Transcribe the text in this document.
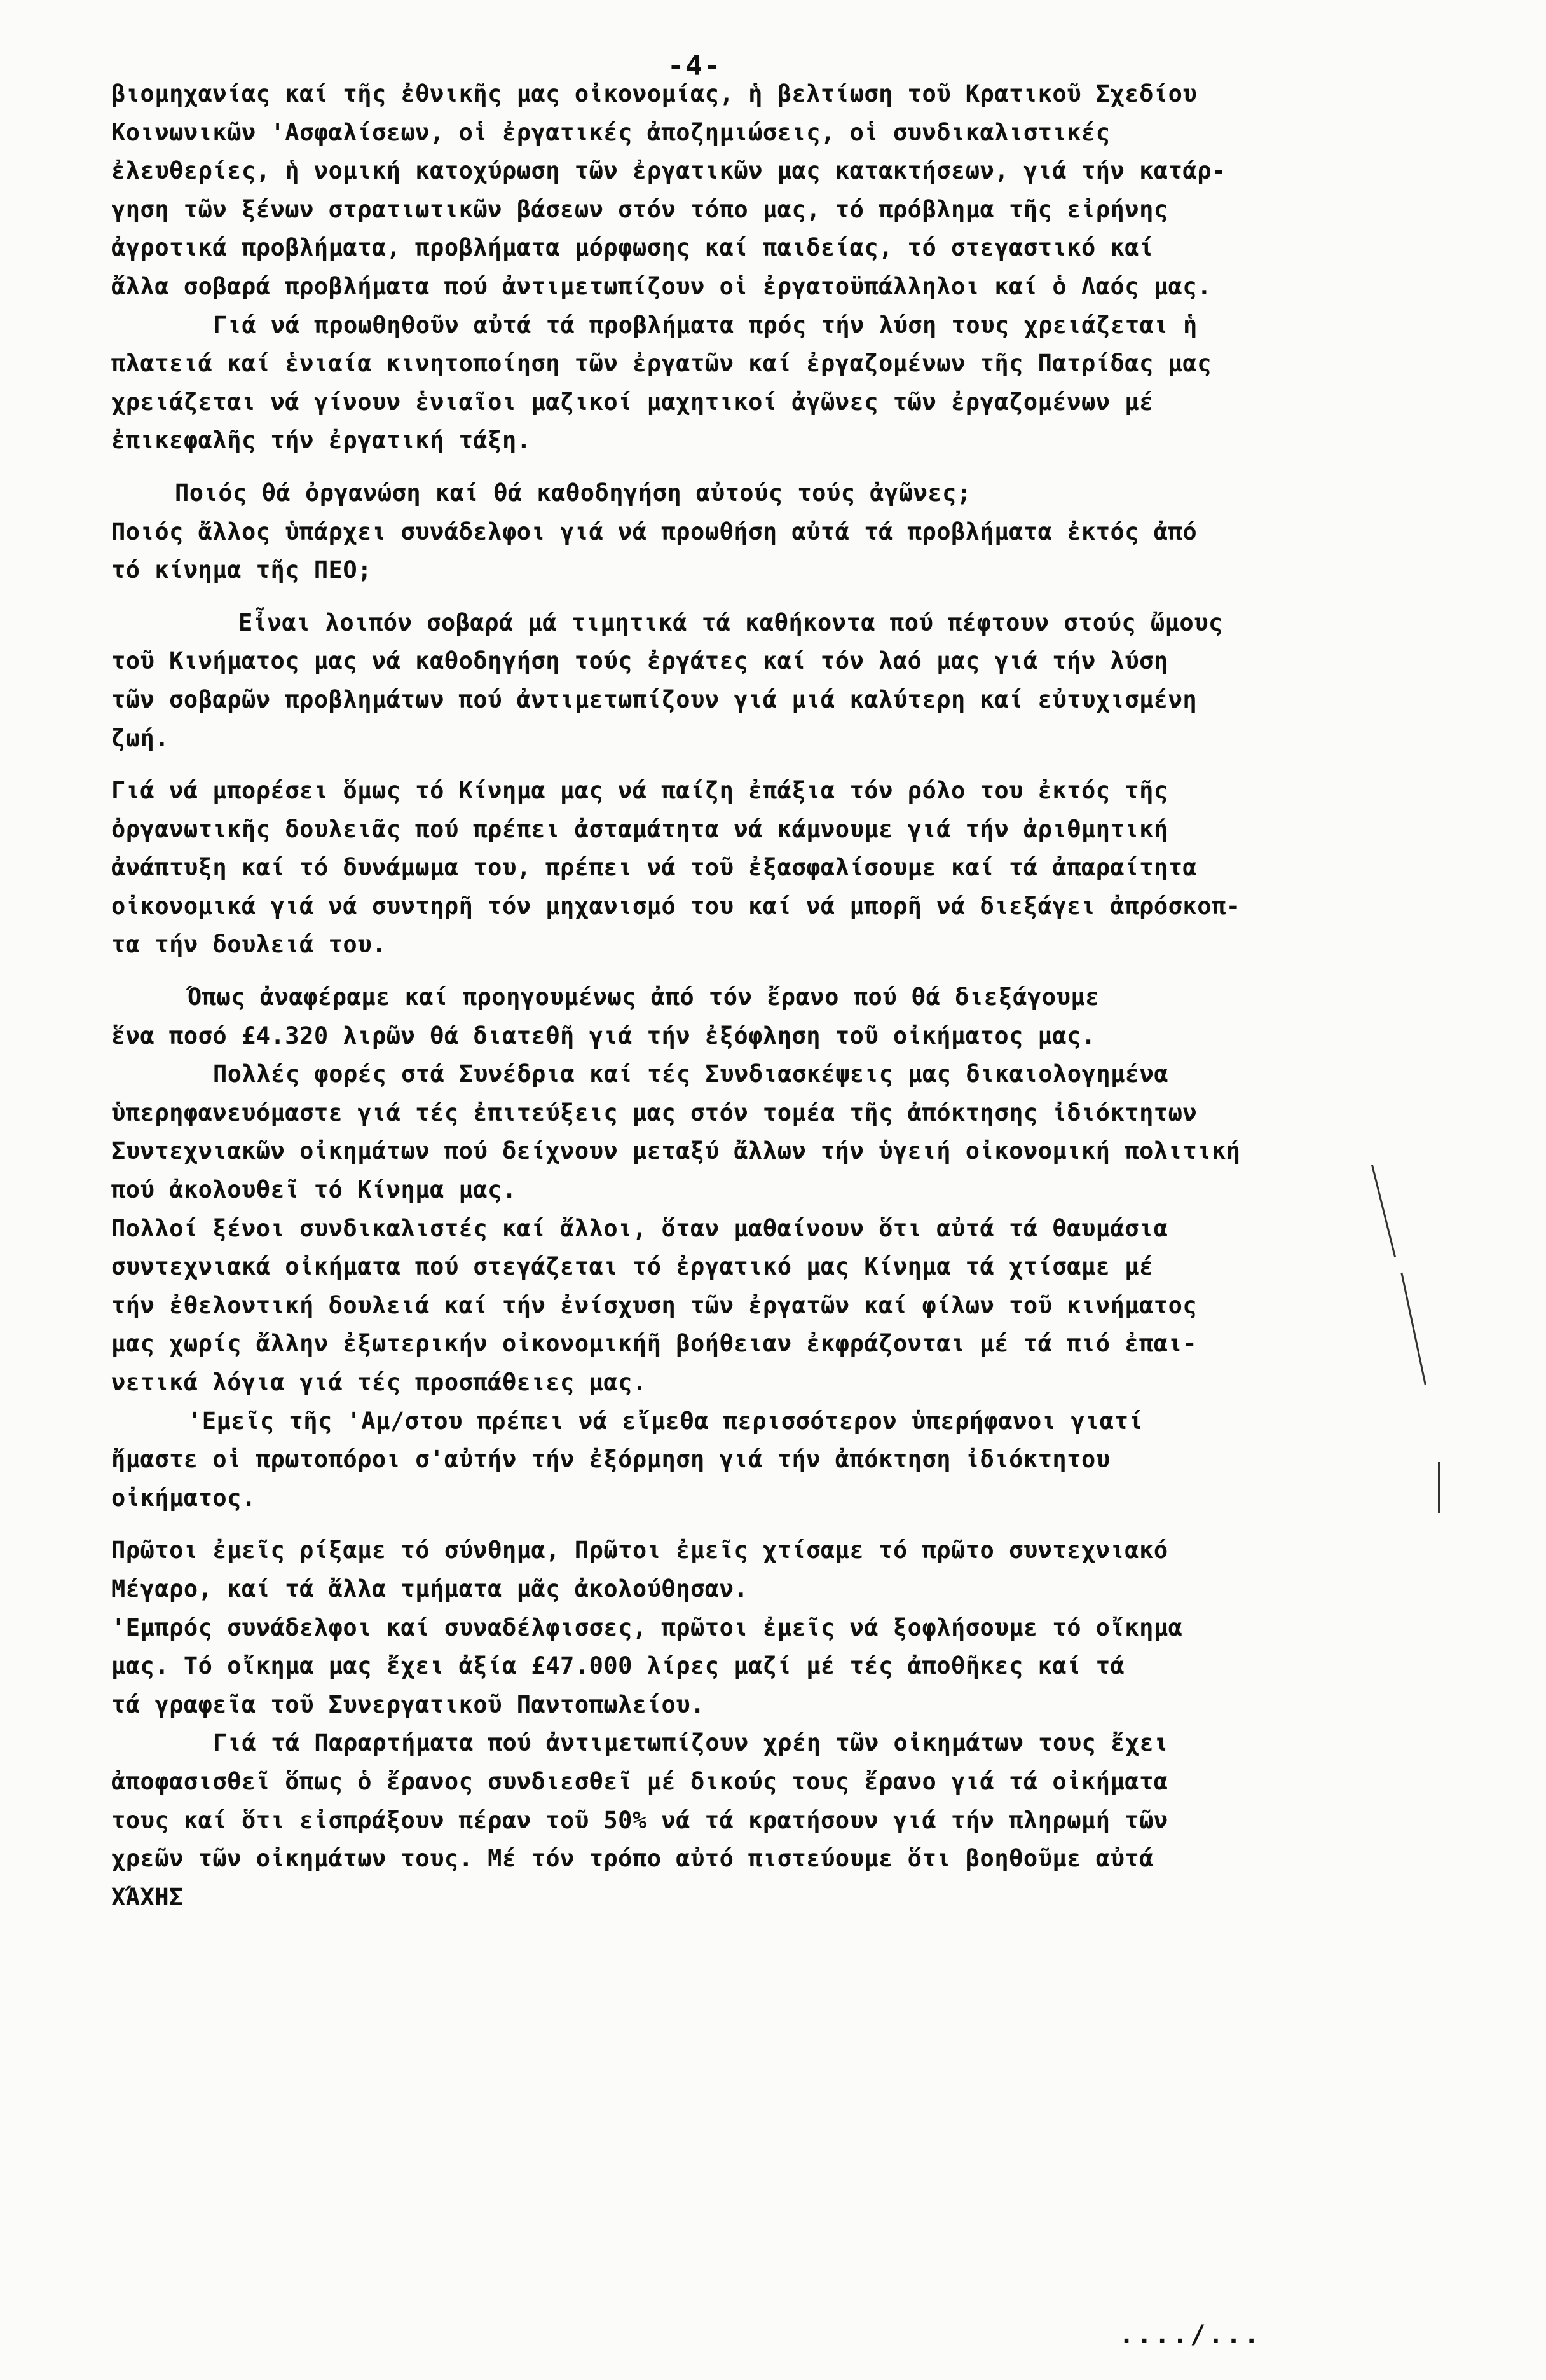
-4-
βιομηχανίας καί τῆς ἐθνικῆς μας οἰκονομίας, ἡ βελτίωση τοῦ Κρατικοῦ Σχεδίου
Κοινωνικῶν 'Ασφαλίσεων, οἱ ἐργατικές ἀποζημιώσεις, οἱ συνδικαλιστικές
ἐλευθερίες, ἡ νομική κατοχύρωση τῶν ἐργατικῶν μας κατακτήσεων, γιά τήν κατάρ-
γηση τῶν ξένων στρατιωτικῶν βάσεων στόν τόπο μας, τό πρόβλημα τῆς εἰρήνης
ἀγροτικά προβλήματα, προβλήματα μόρφωσης καί παιδείας, τό στεγαστικό καί
ἄλλα σοβαρά προβλήματα πού ἀντιμετωπίζουν οἱ ἐργατοϋπάλληλοι καί ὁ Λαός μας.
Γιά νά προωθηθοῦν αὐτά τά προβλήματα πρός τήν λύση τους χρειάζεται ἡ
πλατειά καί ἑνιαία κινητοποίηση τῶν ἐργατῶν καί ἐργαζομένων τῆς Πατρίδας μας
χρειάζεται νά γίνουν ἑνιαῖοι μαζικοί μαχητικοί ἀγῶνες τῶν ἐργαζομένων μέ
ἐπικεφαλῆς τήν ἐργατική τάξη.
Ποιός θά ὀργανώση καί θά καθοδηγήση αὐτούς τούς ἀγῶνες;
Ποιός ἄλλος ὑπάρχει συνάδελφοι γιά νά προωθήση αὐτά τά προβλήματα ἐκτός ἀπό
τό κίνημα τῆς ΠΕΟ;
Εἶναι λοιπόν σοβαρά μά τιμητικά τά καθήκοντα πού πέφτουν στούς ὤμους
τοῦ Κινήματος μας νά καθοδηγήση τούς ἐργάτες καί τόν λαό μας γιά τήν λύση
τῶν σοβαρῶν προβλημάτων πού ἀντιμετωπίζουν γιά μιά καλύτερη καί εὐτυχισμένη
ζωή.
Γιά νά μπορέσει ὅμως τό Κίνημα μας νά παίζη ἐπάξια τόν ρόλο του ἐκτός τῆς
ὀργανωτικῆς δουλειᾶς πού πρέπει ἀσταμάτητα νά κάμνουμε γιά τήν ἀριθμητική
ἀνάπτυξη καί τό δυνάμωμα του, πρέπει νά τοῦ ἐξασφαλίσουμε καί τά ἀπαραίτητα
οἰκονομικά γιά νά συντηρῆ τόν μηχανισμό του καί νά μπορῆ νά διεξάγει ἀπρόσκοπ-
τα τήν δουλειά του.
Όπως ἀναφέραμε καί προηγουμένως ἀπό τόν ἔρανο πού θά διεξάγουμε
ἕνα ποσό £4.320 λιρῶν θά διατεθῆ γιά τήν ἐξόφληση τοῦ οἰκήματος μας.
Πολλές φορές στά Συνέδρια καί τές Συνδιασκέψεις μας δικαιολογημένα
ὑπερηφανευόμαστε γιά τές ἐπιτεύξεις μας στόν τομέα τῆς ἀπόκτησης ἰδιόκτητων
Συντεχνιακῶν οἰκημάτων πού δείχνουν μεταξύ ἄλλων τήν ὑγειή οἰκονομική πολιτική
πού ἀκολουθεῖ τό Κίνημα μας.
Πολλοί ξένοι συνδικαλιστές καί ἄλλοι, ὅταν μαθαίνουν ὅτι αὐτά τά θαυμάσια
συντεχνιακά οἰκήματα πού στεγάζεται τό ἐργατικό μας Κίνημα τά χτίσαμε μέ
τήν ἐθελοντική δουλειά καί τήν ἐνίσχυση τῶν ἐργατῶν καί φίλων τοῦ κινήματος
μας χωρίς ἄλλην ἐξωτερικήν οἰκονομικήῆ βοήθειαν ἐκφράζονται μέ τά πιό ἐπαι-
νετικά λόγια γιά τές προσπάθειες μας.
'Εμεῖς τῆς 'Αμ/στου πρέπει νά εἴμεθα περισσότερον ὑπερήφανοι γιατί
ἤμαστε οἱ πρωτοπόροι σ'αὐτήν τήν ἐξόρμηση γιά τήν ἀπόκτηση ἰδιόκτητου
οἰκήματος.
Πρῶτοι ἐμεῖς ρίξαμε τό σύνθημα, Πρῶτοι ἐμεῖς χτίσαμε τό πρῶτο συντεχνιακό
Μέγαρο, καί τά ἄλλα τμήματα μᾶς ἀκολούθησαν.
'Εμπρός συνάδελφοι καί συναδέλφισσες, πρῶτοι ἐμεῖς νά ξοφλήσουμε τό οἴκημα
μας. Τό οἴκημα μας ἔχει ἀξία £47.000 λίρες μαζί μέ τές ἀποθῆκες καί τά
τά γραφεῖα τοῦ Συνεργατικοῦ Παντοπωλείου.
Γιά τά Παραρτήματα πού ἀντιμετωπίζουν χρέη τῶν οἰκημάτων τους ἔχει
ἀποφασισθεῖ ὅπως ὁ ἔρανος συνδιεσθεῖ μέ δικούς τους ἔρανο γιά τά οἰκήματα
τους καί ὅτι εἰσπράξουν πέραν τοῦ 50% νά τά κρατήσουν γιά τήν πληρωμή τῶν
χρεῶν τῶν οἰκημάτων τους. Μέ τόν τρόπο αὐτό πιστεύουμε ὅτι βοηθοῦμε αὐτά
ΧΆΧΗΣ
..../...
